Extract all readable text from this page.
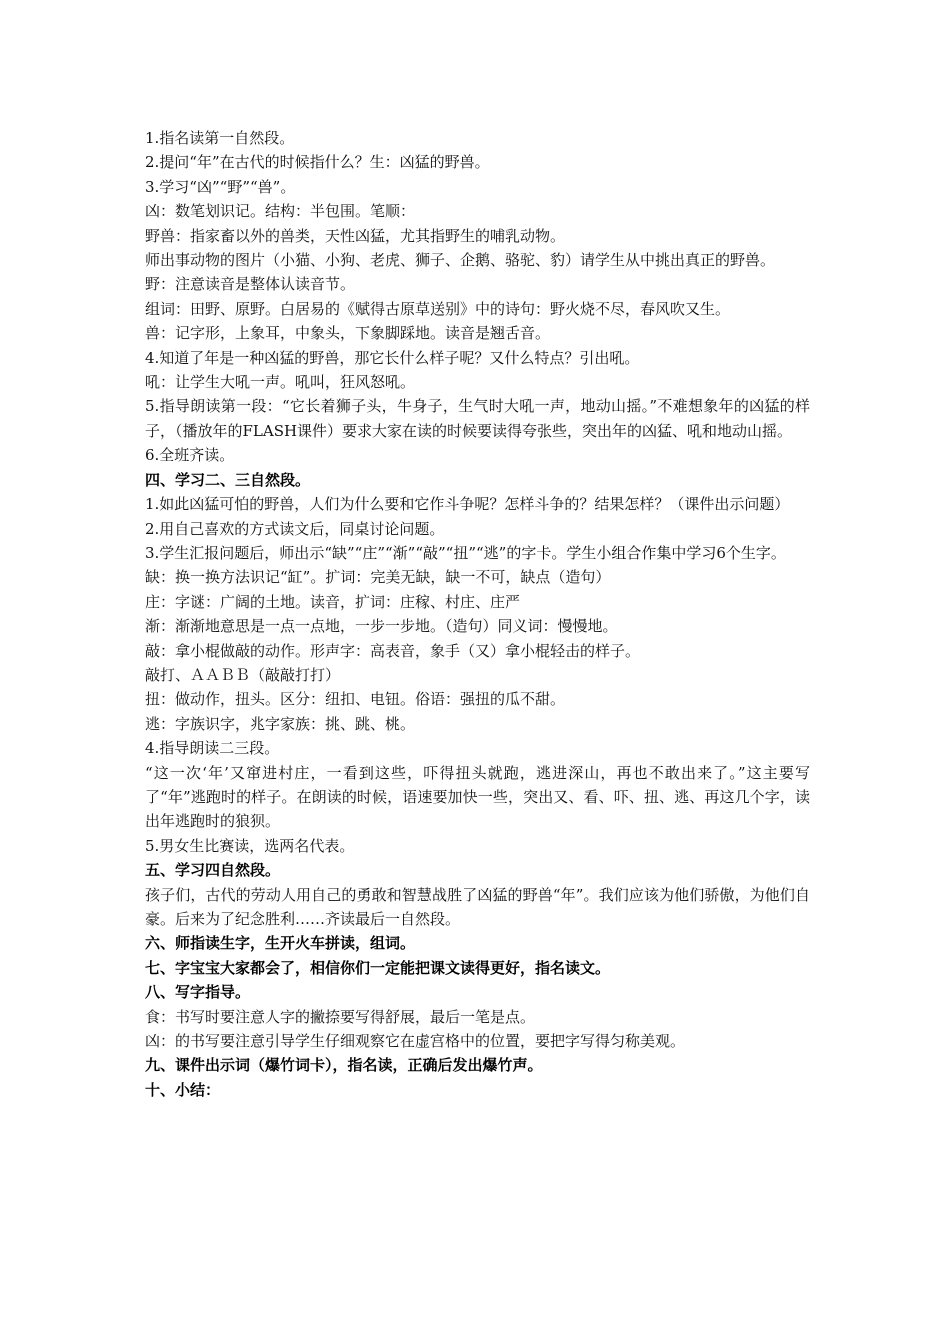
1.指名读第一自然段。
2.提问“年”在古代的时候指什么？生：凶猛的野兽。
3.学习“凶”“野”“兽”。
凶：数笔划识记。结构：半包围。笔顺：
野兽：指家畜以外的兽类，天性凶猛，尤其指野生的哺乳动物。
师出事动物的图片（小猫、小狗、老虎、狮子、企鹅、骆驼、豹）请学生从中挑出真正的野兽。
野：注意读音是整体认读音节。
组词：田野、原野。白居易的《赋得古原草送别》中的诗句：野火烧不尽，春风吹又生。
兽：记字形，上象耳，中象头，下象脚踩地。读音是翘舌音。
4.知道了年是一种凶猛的野兽，那它长什么样子呢？又什么特点？引出吼。
吼：让学生大吼一声。吼叫，狂风怒吼。
5.指导朗读第一段：“它长着狮子头，牛身子，生气时大吼一声，地动山摇。”不难想象年的凶猛的样子，（播放年的FLASH课件）要求大家在读的时候要读得夸张些，突出年的凶猛、吼和地动山摇。
6.全班齐读。
四、学习二、三自然段。
1.如此凶猛可怕的野兽，人们为什么要和它作斗争呢？怎样斗争的？结果怎样？（课件出示问题）
2.用自己喜欢的方式读文后，同桌讨论问题。
3.学生汇报问题后，师出示“缺”“庄”“渐”“敲”“扭”“逃”的字卡。学生小组合作集中学习6个生字。
缺：换一换方法识记“缸”。扩词：完美无缺，缺一不可，缺点（造句）
庄：字谜：广阔的土地。读音，扩词：庄稼、村庄、庄严
渐：渐渐地意思是一点一点地，一步一步地。（造句）同义词：慢慢地。
敲：拿小棍做敲的动作。形声字：高表音，象手（又）拿小棍轻击的样子。
敲打、ＡＡＢＢ（敲敲打打）
扭：做动作，扭头。区分：纽扣、电钮。俗语：强扭的瓜不甜。
逃：字族识字，兆字家族：挑、跳、桃。
4.指导朗读二三段。
“这一次‘年’又窜进村庄，一看到这些，吓得扭头就跑，逃进深山，再也不敢出来了。”这主要写了“年”逃跑时的样子。在朗读的时候，语速要加快一些，突出又、看、吓、扭、逃、再这几个字，读出年逃跑时的狼狈。
5.男女生比赛读，选两名代表。
五、学习四自然段。
孩子们，古代的劳动人用自己的勇敢和智慧战胜了凶猛的野兽“年”。我们应该为他们骄傲，为他们自豪。后来为了纪念胜利……齐读最后一自然段。
六、师指读生字，生开火车拼读，组词。
七、字宝宝大家都会了，相信你们一定能把课文读得更好，指名读文。
八、写字指导。
食：书写时要注意人字的撇捺要写得舒展，最后一笔是点。
凶：的书写要注意引导学生仔细观察它在虚宫格中的位置，要把字写得匀称美观。
九、课件出示词（爆竹词卡），指名读，正确后发出爆竹声。
十、小结：
